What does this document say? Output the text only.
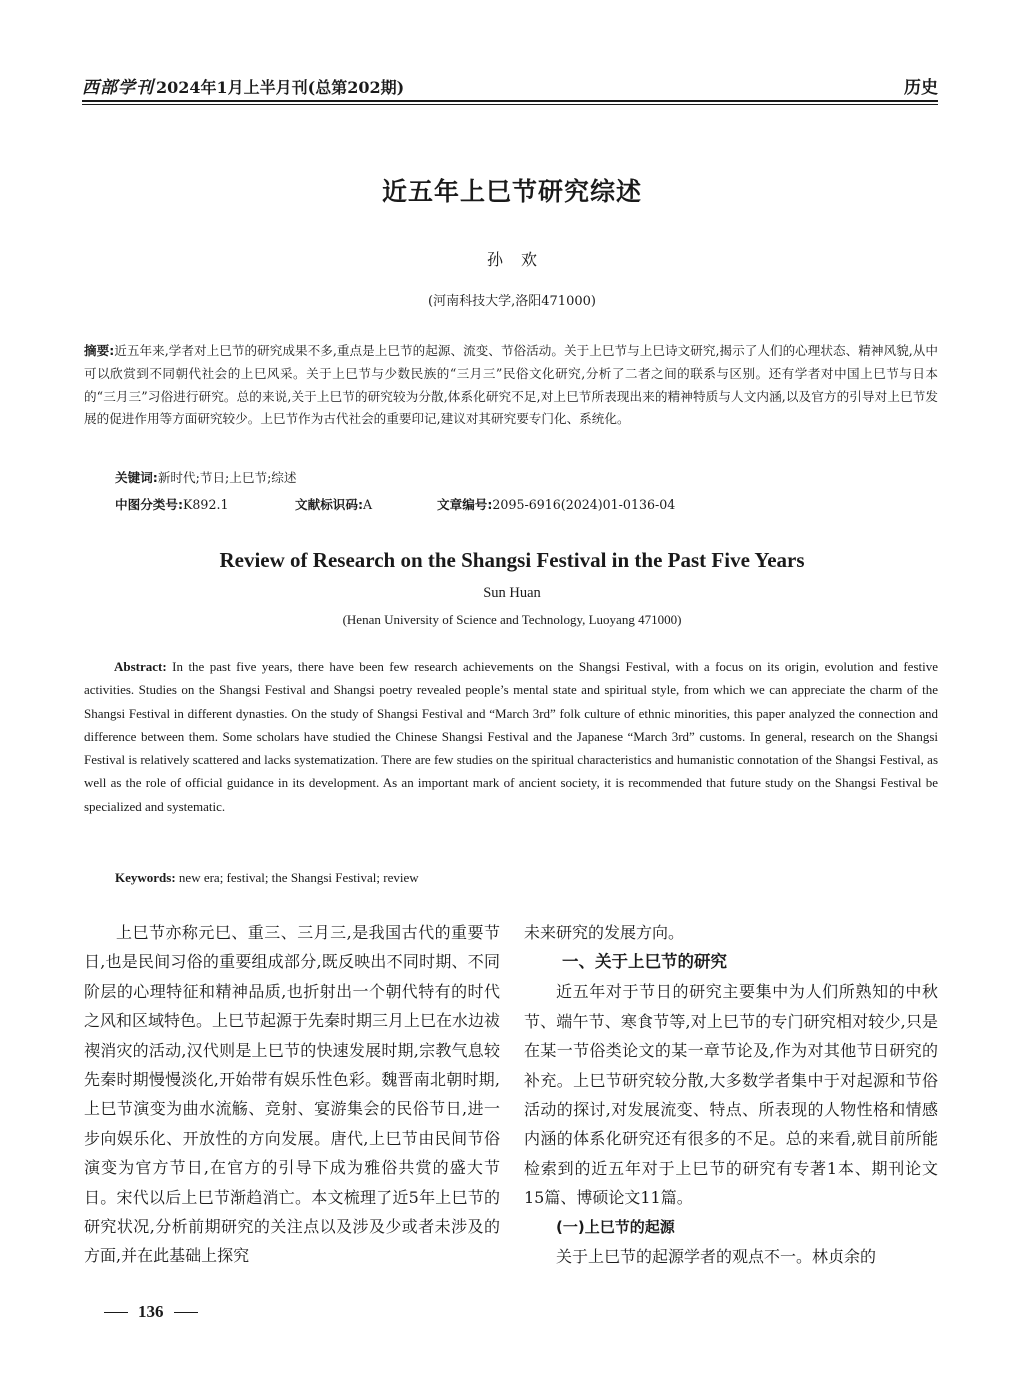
西部学刊 2024年1月上半月刊(总第202期)	历史
近五年上巳节研究综述
孙欢
(河南科技大学,洛阳471000)
摘要:近五年来,学者对上巳节的研究成果不多,重点是上巳节的起源、流变、节俗活动。关于上巳节与上巳诗文研究,揭示了人们的心理状态、精神风貌,从中可以欣赏到不同朝代社会的上巳风采。关于上巳节与少数民族的“三月三”民俗文化研究,分析了二者之间的联系与区别。还有学者对中国上巳节与日本的“三月三”习俗进行研究。总的来说,关于上巳节的研究较为分散,体系化研究不足,对上巳节所表现出来的精神特质与人文内涵,以及官方的引导对上巳节发展的促进作用等方面研究较少。上巳节作为古代社会的重要印记,建议对其研究要专门化、系统化。
关键词:新时代;节日;上巳节;综述
中图分类号:K892.1	文献标识码:A	文章编号:2095-6916(2024)01-0136-04
Review of Research on the Shangsi Festival in the Past Five Years
Sun Huan
(Henan University of Science and Technology, Luoyang 471000)
Abstract: In the past five years, there have been few research achievements on the Shangsi Festival, with a focus on its origin, evolution and festive activities. Studies on the Shangsi Festival and Shangsi poetry revealed people’s mental state and spiritual style, from which we can appreciate the charm of the Shangsi Festival in different dynasties. On the study of Shangsi Festival and “March 3rd” folk culture of ethnic minorities, this paper analyzed the connection and difference between them. Some scholars have studied the Chinese Shangsi Festival and the Japanese “March 3rd” customs. In general, research on the Shangsi Festival is relatively scattered and lacks systematization. There are few studies on the spiritual characteristics and humanistic connotation of the Shangsi Festival, as well as the role of official guidance in its development. As an important mark of ancient society, it is recommended that future study on the Shangsi Festival be specialized and systematic.
Keywords: new era; festival; the Shangsi Festival; review

上巳节亦称元巳、重三、三月三,是我国古代的重要节日,也是民间习俗的重要组成部分,既反映出不同时期、不同阶层的心理特征和精神品质,也折射出一个朝代特有的时代之风和区域特色。上巳节起源于先秦时期三月上巳在水边祓禊消灾的活动,汉代则是上巳节的快速发展时期,宗教气息较先秦时期慢慢淡化,开始带有娱乐性色彩。魏晋南北朝时期,上巳节演变为曲水流觞、竞射、宴游集会的民俗节日,进一步向娱乐化、开放性的方向发展。唐代,上巳节由民间节俗演变为官方节日,在官方的引导下成为雅俗共赏的盛大节日。宋代以后上巳节渐趋消亡。本文梳理了近5年上巳节的研究状况,分析前期研究的关注点以及涉及少或者未涉及的方面,并在此基础上探究

未来研究的发展方向。

一、关于上巳节的研究

近五年对于节日的研究主要集中为人们所熟知的中秋节、端午节、寒食节等,对上巳节的专门研究相对较少,只是在某一节俗类论文的某一章节论及,作为对其他节日研究的补充。上巳节研究较分散,大多数学者集中于对起源和节俗活动的探讨,对发展流变、特点、所表现的人物性格和情感内涵的体系化研究还有很多的不足。总的来看,就目前所能检索到的近五年对于上巳节的研究有专著1本、期刊论文15篇、博硕论文11篇。

(一)上巳节的起源

关于上巳节的起源学者的观点不一。林贞余的

136
